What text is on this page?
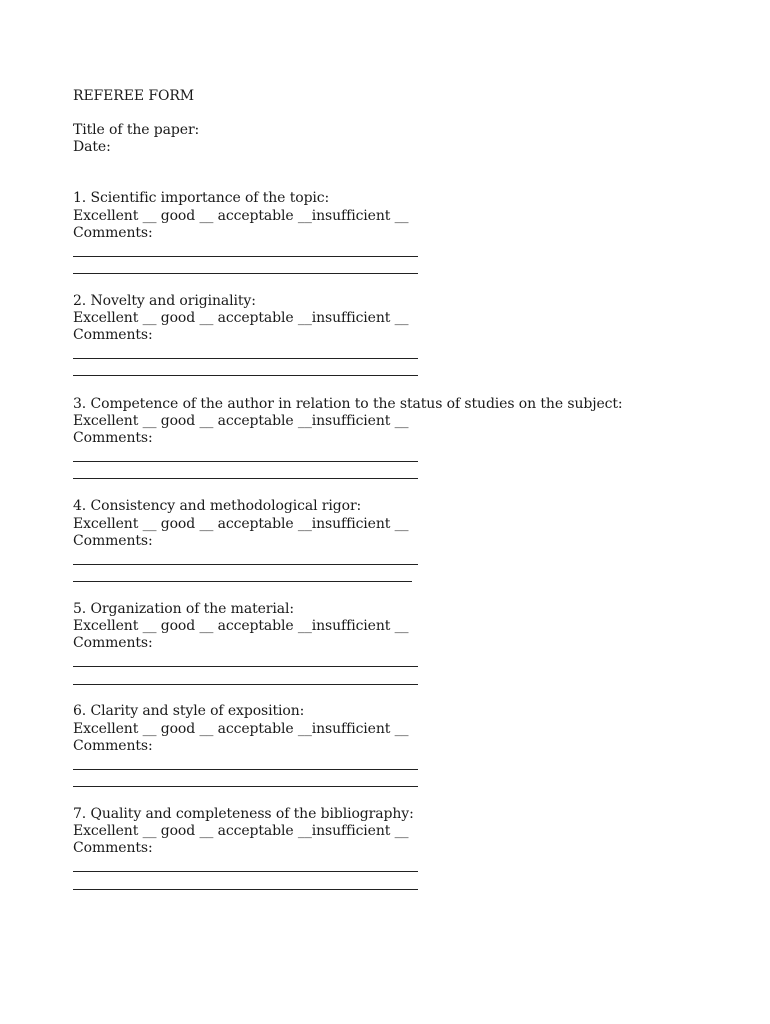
REFEREE FORM
Title of the paper:
Date:
1. Scientific importance of the topic:
Excellent __ good __ acceptable __insufficient __
Comments:
2. Novelty and originality:
Excellent __ good __ acceptable __insufficient __
Comments:
3. Competence of the author in relation to the status of studies on the subject:
Excellent __ good __ acceptable __insufficient __
Comments:
4. Consistency and methodological rigor:
Excellent __ good __ acceptable __insufficient __
Comments:
5. Organization of the material:
Excellent __ good __ acceptable __insufficient __
Comments:
6. Clarity and style of exposition:
Excellent __ good __ acceptable __insufficient __
Comments:
7. Quality and completeness of the bibliography:
Excellent __ good __ acceptable __insufficient __
Comments:
